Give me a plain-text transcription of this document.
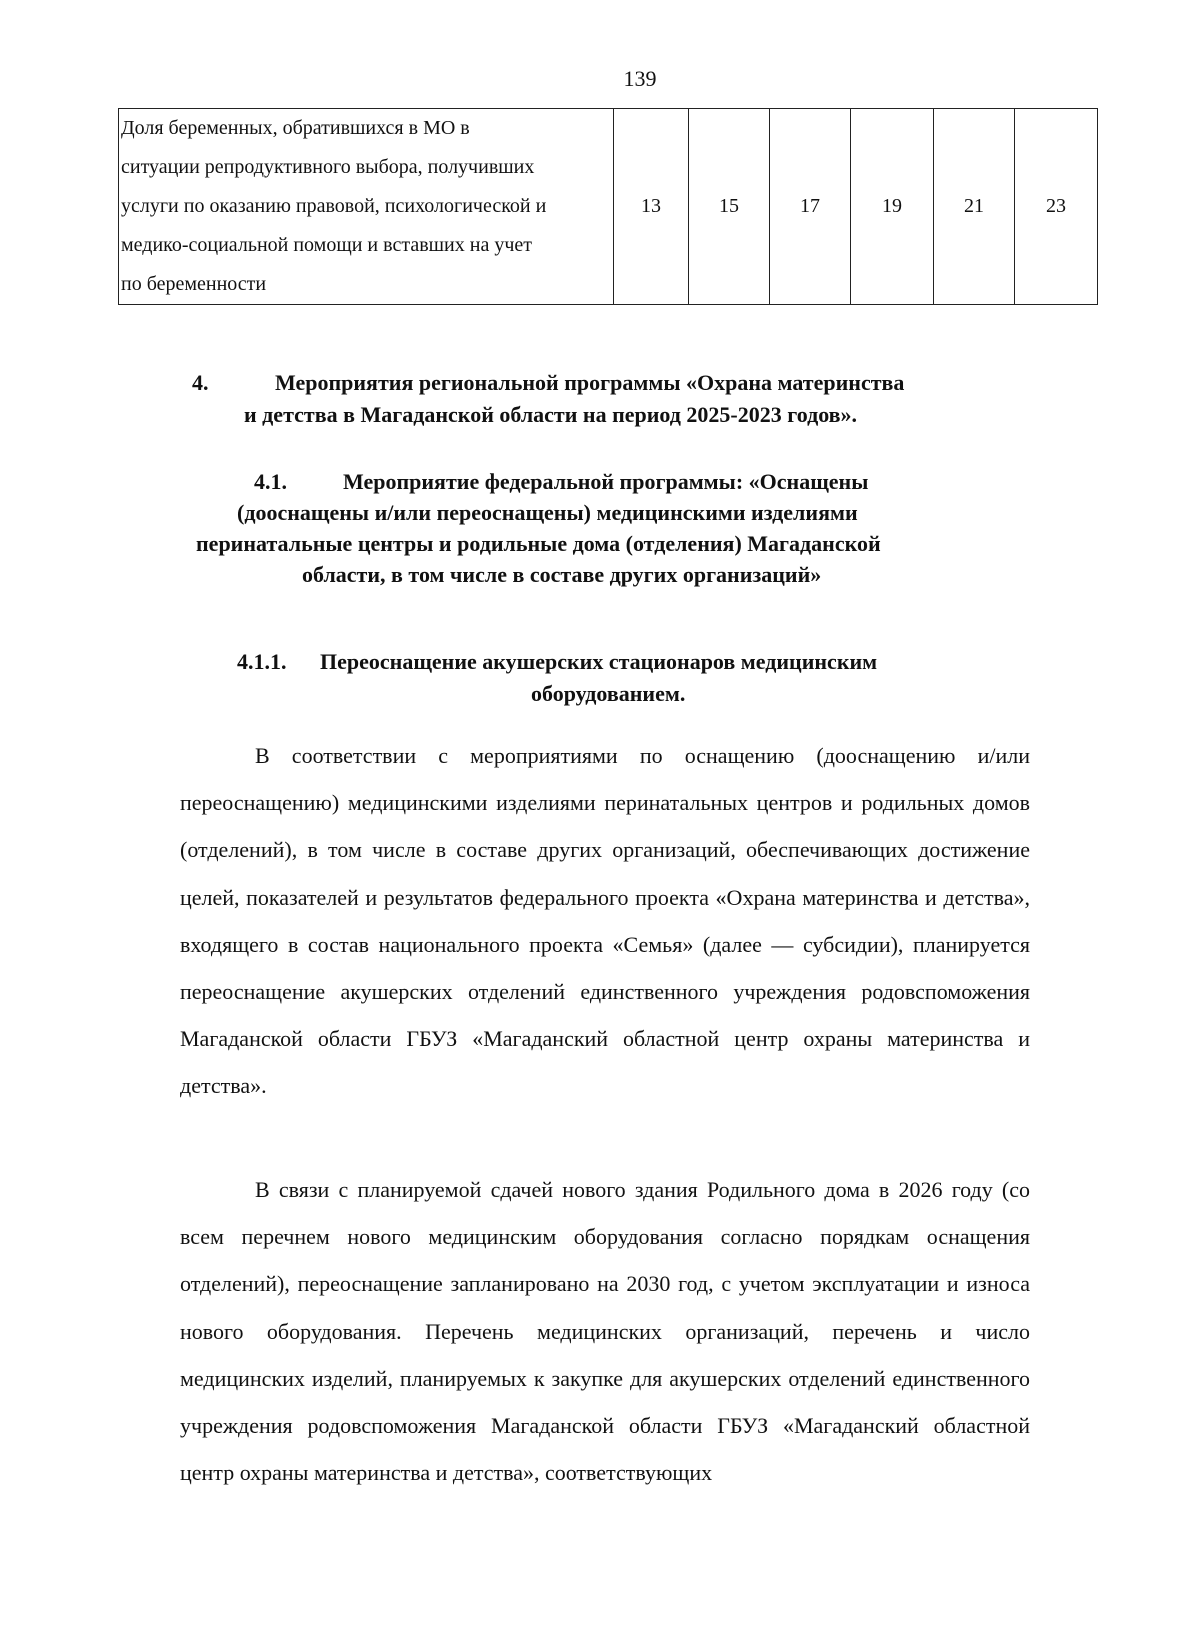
139
Доля беременных, обратившихся в МО в
ситуации репродуктивного выбора, получивших
услуги по оказанию правовой, психологической и
медико-социальной помощи и вставших на учет
по беременности
	13	15	17	19	21	23
4.	Мероприятия региональной программы «Охрана материнства
и детства в Магаданской области на период 2025-2023 годов».
4.1.	Мероприятие федеральной программы: «Оснащены
(дооснащены и/или переоснащены) медицинскими изделиями
перинатальные центры и родильные дома (отделения) Магаданской
области, в том числе в составе других организаций»
4.1.1. Переоснащение акушерских стационаров медицинским
оборудованием.

В соответствии с мероприятиями по оснащению (дооснащению и/или переоснащению) медицинскими изделиями перинатальных центров и родильных домов (отделений), в том числе в составе других организаций, обеспечивающих достижение целей, показателей и результатов федерального проекта «Охрана материнства и детства», входящего в состав национального проекта «Семья» (далее — субсидии), планируется переоснащение акушерских отделений единственного учреждения родовспоможения Магаданской области ГБУЗ «Магаданский областной центр охраны материнства и детства».

В связи с планируемой сдачей нового здания Родильного дома в 2026 году (со всем перечнем нового медицинским оборудования согласно порядкам оснащения отделений), переоснащение запланировано на 2030 год, с учетом эксплуатации и износа нового оборудования. Перечень медицинских организаций, перечень и число медицинских изделий, планируемых к закупке для акушерских отделений единственного учреждения родовспоможения Магаданской области ГБУЗ «Магаданский областной центр охраны материнства и детства», соответствующих
